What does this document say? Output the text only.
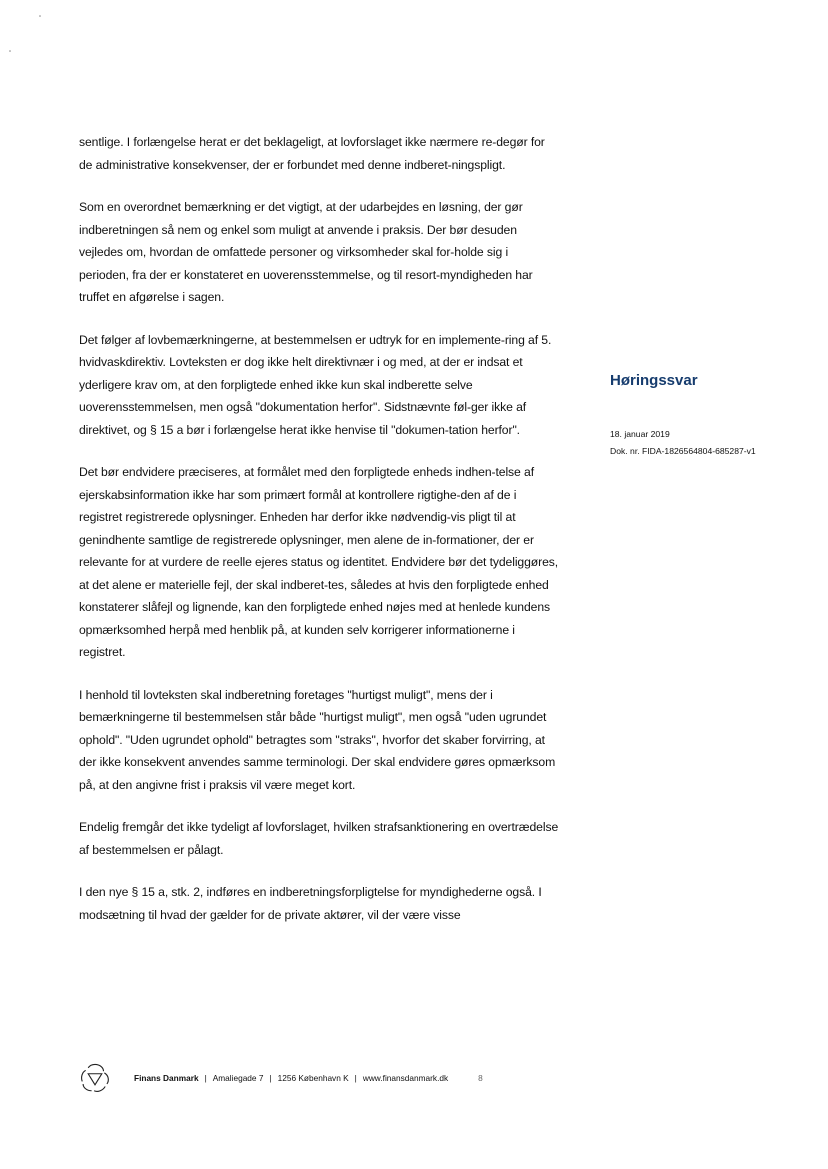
sentlige. I forlængelse herat er det beklageligt, at lovforslaget ikke nærmere re-degør for de administrative konsekvenser, der er forbundet med denne indberet-ningspligt.

Som en overordnet bemærkning er det vigtigt, at der udarbejdes en løsning, der gør indberetningen så nem og enkel som muligt at anvende i praksis. Der bør desuden vejledes om, hvordan de omfattede personer og virksomheder skal for-holde sig i perioden, fra der er konstateret en uoverensstemmelse, og til resort-myndigheden har truffet en afgørelse i sagen.

Det følger af lovbemærkningerne, at bestemmelsen er udtryk for en implemente-ring af 5. hvidvaskdirektiv. Lovteksten er dog ikke helt direktivnær i og med, at der er indsat et yderligere krav om, at den forpligtede enhed ikke kun skal indberette selve uoverensstemmelsen, men også "dokumentation herfor". Sidstnævnte føl-ger ikke af direktivet, og § 15 a bør i forlængelse herat ikke henvise til "dokumen-tation herfor".

Det bør endvidere præciseres, at formålet med den forpligtede enheds indhen-telse af ejerskabsinformation ikke har som primært formål at kontrollere rigtighe-den af de i registret registrerede oplysninger. Enheden har derfor ikke nødvendig-vis pligt til at genindhente samtlige de registrerede oplysninger, men alene de in-formationer, der er relevante for at vurdere de reelle ejeres status og identitet. Endvidere bør det tydeliggøres, at det alene er materielle fejl, der skal indberet-tes, således at hvis den forpligtede enhed konstaterer slåfejl og lignende, kan den forpligtede enhed nøjes med at henlede kundens opmærksomhed herpå med henblik på, at kunden selv korrigerer informationerne i registret.

I henhold til lovteksten skal indberetning foretages "hurtigst muligt", mens der i bemærkningerne til bestemmelsen står både "hurtigst muligt", men også "uden ugrundet ophold". "Uden ugrundet ophold" betragtes som "straks", hvorfor det skaber forvirring, at der ikke konsekvent anvendes samme terminologi. Der skal endvidere gøres opmærksom på, at den angivne frist i praksis vil være meget kort.

Endelig fremgår det ikke tydeligt af lovforslaget, hvilken strafsanktionering en overtrædelse af bestemmelsen er pålagt.

I den nye § 15 a, stk. 2, indføres en indberetningsforpligtelse for myndighederne også. I modsætning til hvad der gælder for de private aktører, vil der være visse

Høringssvar
18. januar 2019
Dok. nr. FIDA-1826564804-685287-v1
Finans Danmark | Amaliegade 7 | 1256 København K | www.finansdanmark.dk	8
